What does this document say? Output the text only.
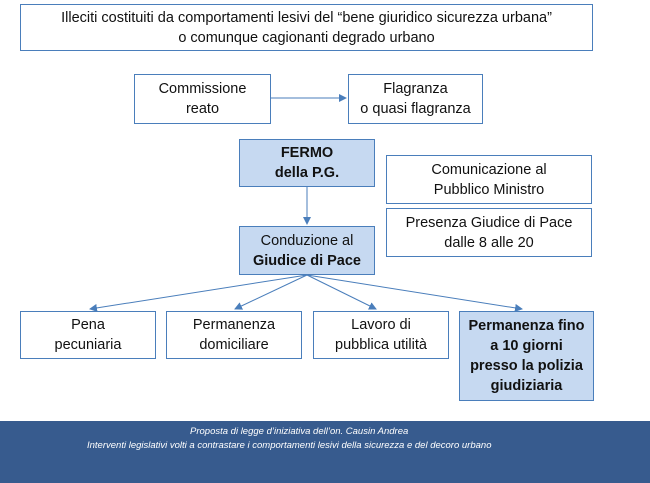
Illeciti costituiti da comportamenti lesivi del “bene giuridico sicurezza urbana”
o comunque cagionanti degrado urbano
Commissione
reato
Flagranza
o quasi flagranza
FERMO
della P.G.	Comunicazione al
Pubblico Ministro
Presenza Giudice di Pace
dalle 8 alle 20
Conduzione al
Giudice di Pace
Pena
pecuniaria
Permanenza
domiciliare
Lavoro di
pubblica utilità
Permanenza fino
a 10 giorni
presso la polizia
giudiziaria
Proposta di legge d’iniziativa dell’on. Causin Andrea
Interventi legislativi volti a contrastare i comportamenti lesivi della sicurezza e del decoro urbano
